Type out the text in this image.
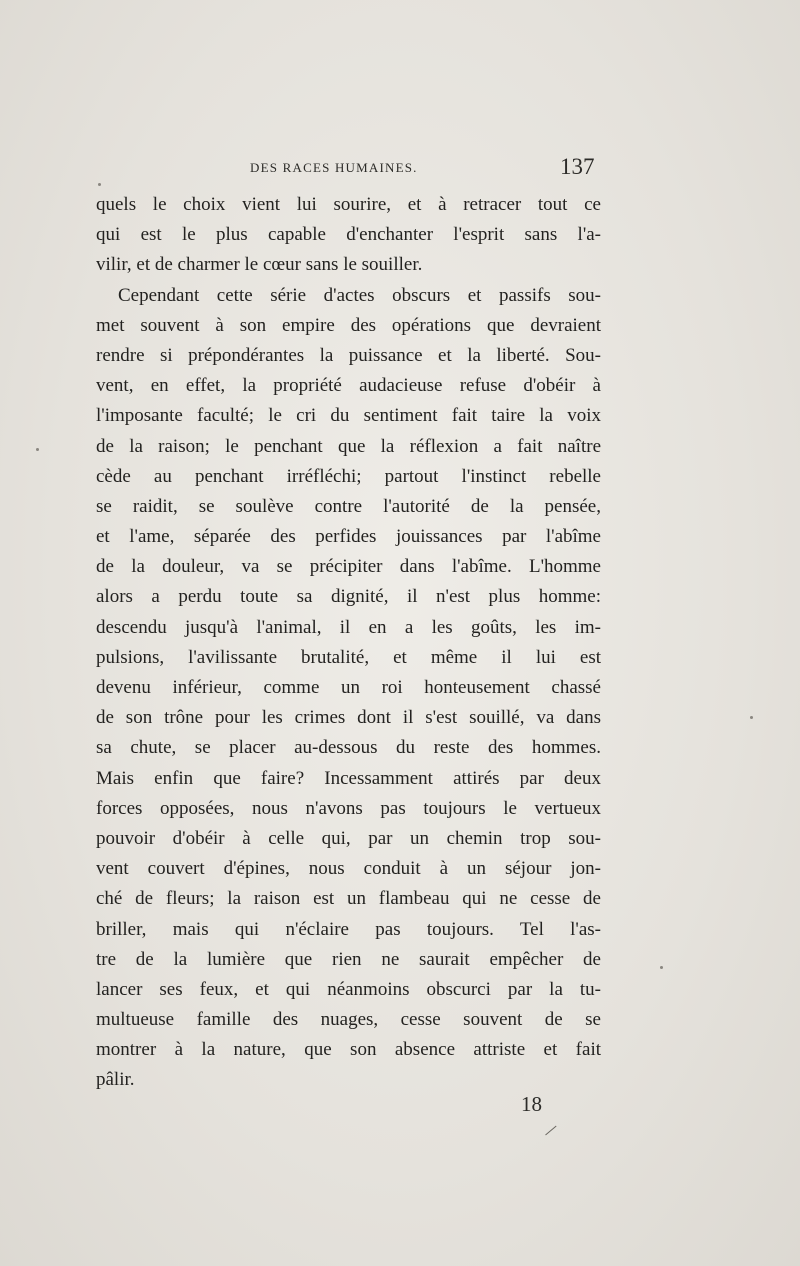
DES RACES HUMAINES.	137
quels le choix vient lui sourire, et à retracer tout ce
qui est le plus capable d'enchanter l'esprit sans l'a-
vilir, et de charmer le cœur sans le souiller.
Cependant cette série d'actes obscurs et passifs sou-
met souvent à son empire des opérations que devraient
rendre si prépondérantes la puissance et la liberté. Sou-
vent, en effet, la propriété audacieuse refuse d'obéir à
l'imposante faculté; le cri du sentiment fait taire la voix
de la raison; le penchant que la réflexion a fait naître
cède au penchant irréfléchi; partout l'instinct rebelle
se raidit, se soulève contre l'autorité de la pensée,
et l'ame, séparée des perfides jouissances par l'abîme
de la douleur, va se précipiter dans l'abîme. L'homme
alors a perdu toute sa dignité, il n'est plus homme:
descendu jusqu'à l'animal, il en a les goûts, les im-
pulsions, l'avilissante brutalité, et même il lui est
devenu inférieur, comme un roi honteusement chassé
de son trône pour les crimes dont il s'est souillé, va dans
sa chute, se placer au-dessous du reste des hommes.
Mais enfin que faire? Incessamment attirés par deux
forces opposées, nous n'avons pas toujours le vertueux
pouvoir d'obéir à celle qui, par un chemin trop sou-
vent couvert d'épines, nous conduit à un séjour jon-
ché de fleurs; la raison est un flambeau qui ne cesse de
briller, mais qui n'éclaire pas toujours. Tel l'as-
tre de la lumière que rien ne saurait empêcher de
lancer ses feux, et qui néanmoins obscurci par la tu-
multueuse famille des nuages, cesse souvent de se
montrer à la nature, que son absence attriste et fait
pâlir.
18
